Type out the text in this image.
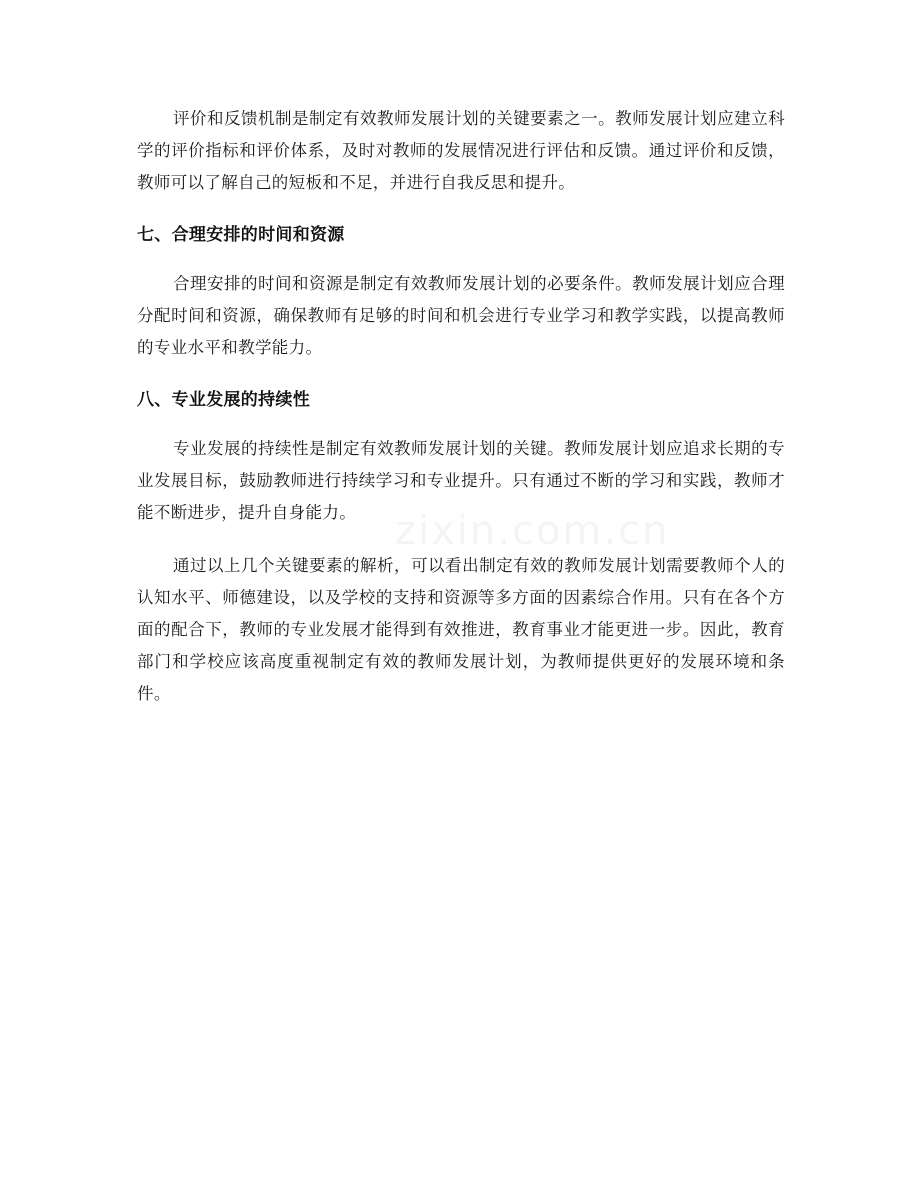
评价和反馈机制是制定有效教师发展计划的关键要素之一。教师发展计划应建立科学的评价指标和评价体系，及时对教师的发展情况进行评估和反馈。通过评价和反馈，教师可以了解自己的短板和不足，并进行自我反思和提升。

七、合理安排的时间和资源

合理安排的时间和资源是制定有效教师发展计划的必要条件。教师发展计划应合理分配时间和资源，确保教师有足够的时间和机会进行专业学习和教学实践，以提高教师的专业水平和教学能力。

八、专业发展的持续性

专业发展的持续性是制定有效教师发展计划的关键。教师发展计划应追求长期的专业发展目标，鼓励教师进行持续学习和专业提升。只有通过不断的学习和实践，教师才能不断进步，提升自身能力。

通过以上几个关键要素的解析，可以看出制定有效的教师发展计划需要教师个人的认知水平、师德建设，以及学校的支持和资源等多方面的因素综合作用。只有在各个方面的配合下，教师的专业发展才能得到有效推进，教育事业才能更进一步。因此，教育部门和学校应该高度重视制定有效的教师发展计划，为教师提供更好的发展环境和条件。
